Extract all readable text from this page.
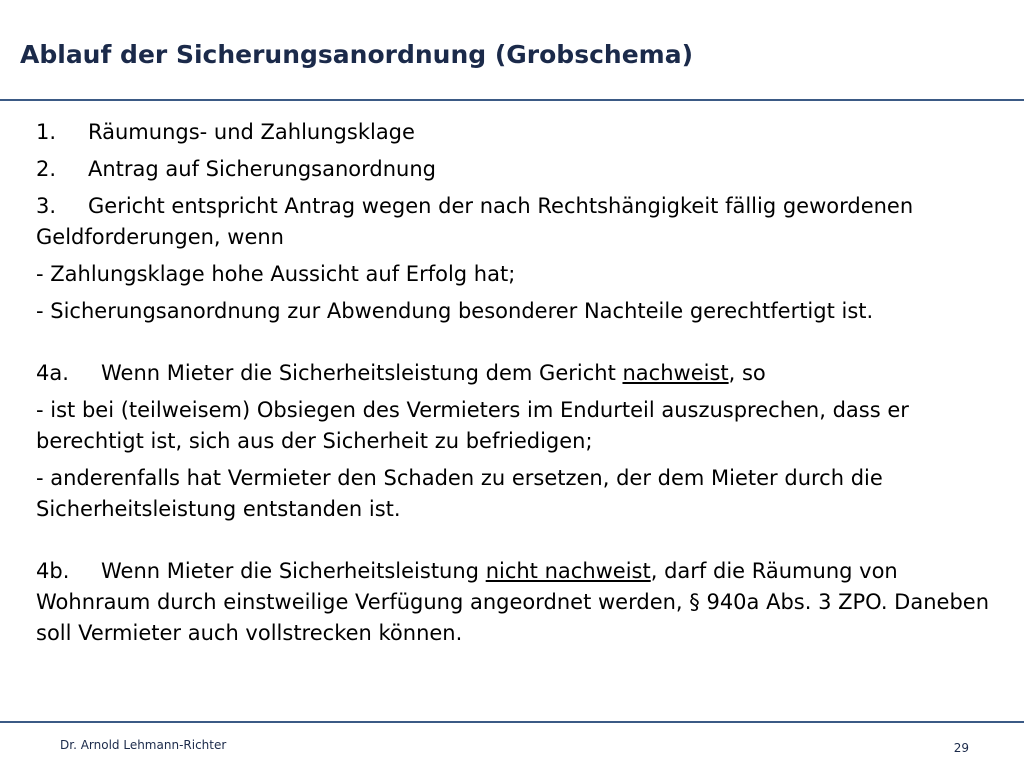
Ablauf der Sicherungsanordnung (Grobschema)

1. Räumungs- und Zahlungsklage

2. Antrag auf Sicherungsanordnung

3. Gericht entspricht Antrag wegen der nach Rechtshängigkeit fällig gewordenen Geldforderungen, wenn

- Zahlungsklage hohe Aussicht auf Erfolg hat;

- Sicherungsanordnung zur Abwendung besonderer Nachteile gerechtfertigt ist.

4a. Wenn Mieter die Sicherheitsleistung dem Gericht nachweist, so

- ist bei (teilweisem) Obsiegen des Vermieters im Endurteil auszusprechen, dass er berechtigt ist, sich aus der Sicherheit zu befriedigen;

- anderenfalls hat Vermieter den Schaden zu ersetzen, der dem Mieter durch die Sicherheitsleistung entstanden ist.

4b. Wenn Mieter die Sicherheitsleistung nicht nachweist, darf die Räumung von Wohnraum durch einstweilige Verfügung angeordnet werden, § 940a Abs. 3 ZPO. Daneben soll Vermieter auch vollstrecken können.

Dr. Arnold Lehmann-Richter	29
